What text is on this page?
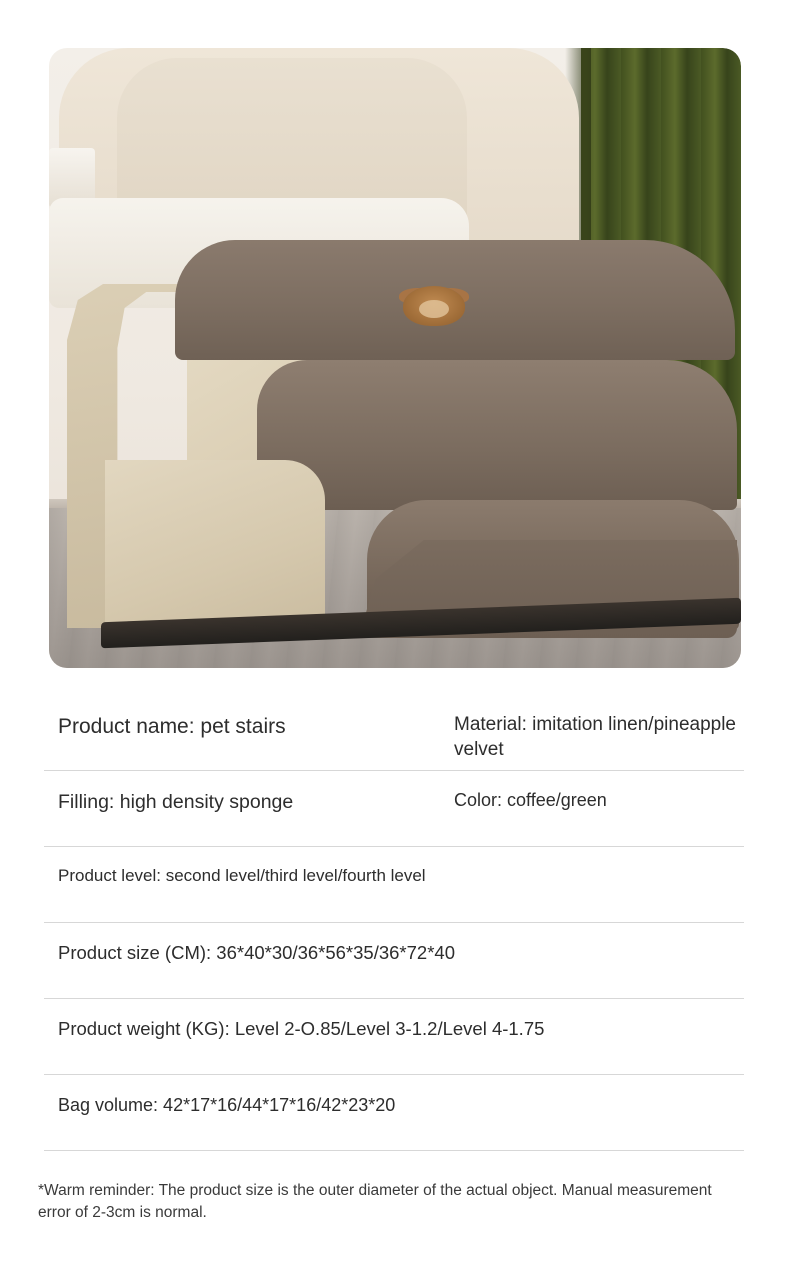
Product name: pet stairs	Material: imitation linen/pineapple velvet
Filling: high density sponge	Color: coffee/green
Product level: second level/third level/fourth level
Product size (CM): 36*40*30/36*56*35/36*72*40
Product weight (KG): Level 2-O.85/Level 3-1.2/Level 4-1.75
Bag volume: 42*17*16/44*17*16/42*23*20
*Warm reminder: The product size is the outer diameter of the actual object. Manual measurement error of 2-3cm is normal.
